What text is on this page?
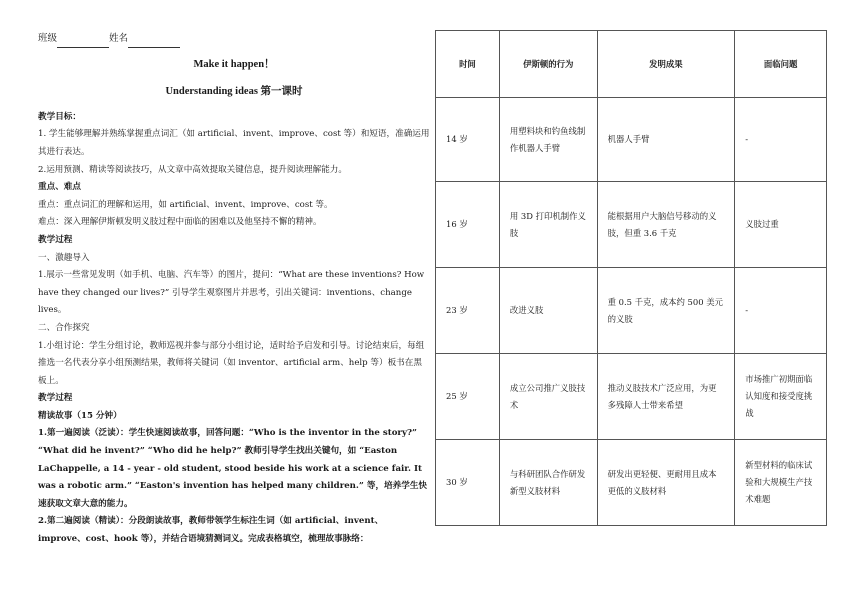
班级	姓名
Make it happen！
Understanding ideas 第一课时

教学目标：

1. 学生能够理解并熟练掌握重点词汇（如 artificial、invent、improve、cost 等）和短语，准确运用其进行表达。

2.运用预测、精读等阅读技巧，从文章中高效提取关键信息，提升阅读理解能力。

重点、难点

重点：重点词汇的理解和运用，如 artificial、invent、improve、cost 等。

难点：深入理解伊斯顿发明义肢过程中面临的困难以及他坚持不懈的精神。

教学过程

一、激趣导入

1.展示一些常见发明（如手机、电脑、汽车等）的图片，提问：“What are these inventions? How have they changed our lives?” 引导学生观察图片并思考，引出关键词：inventions、change lives。

二、合作探究

1.小组讨论：学生分组讨论，教师巡视并参与部分小组讨论，适时给予启发和引导。讨论结束后，每组推选一名代表分享小组预测结果，教师将关键词（如 inventor、artificial arm、help 等）板书在黑板上。

教学过程

精读故事（15 分钟）

1.第一遍阅读（泛读）：学生快速阅读故事，回答问题：“Who is the inventor in the story?” “What did he invent?” “Who did he help?” 教师引导学生找出关键句，如 “Easton LaChappelle, a 14 - year - old student, stood beside his work at a science fair. It was a robotic arm.” “Easton's invention has helped many children.” 等，培养学生快速获取文章大意的能力。

2.第二遍阅读（精读）：分段朗读故事，教师带领学生标注生词（如 artificial、invent、improve、cost、hook 等），并结合语境猜测词义。完成表格填空，梳理故事脉络：

时间	伊斯顿的行为	发明成果	面临问题
14 岁	用塑料块和钓鱼线制作机器人手臂	机器人手臂	-
16 岁	用 3D 打印机制作义肢	能根据用户大脑信号移动的义肢，但重 3.6 千克	义肢过重
23 岁	改进义肢	重 0.5 千克，成本约 500 美元的义肢	-
25 岁	成立公司推广义肢技术	推动义肢技术广泛应用，为更多残障人士带来希望	市场推广初期面临认知度和接受度挑战
30 岁	与科研团队合作研发新型义肢材料	研发出更轻便、更耐用且成本更低的义肢材料	新型材料的临床试验和大规模生产技术难题
